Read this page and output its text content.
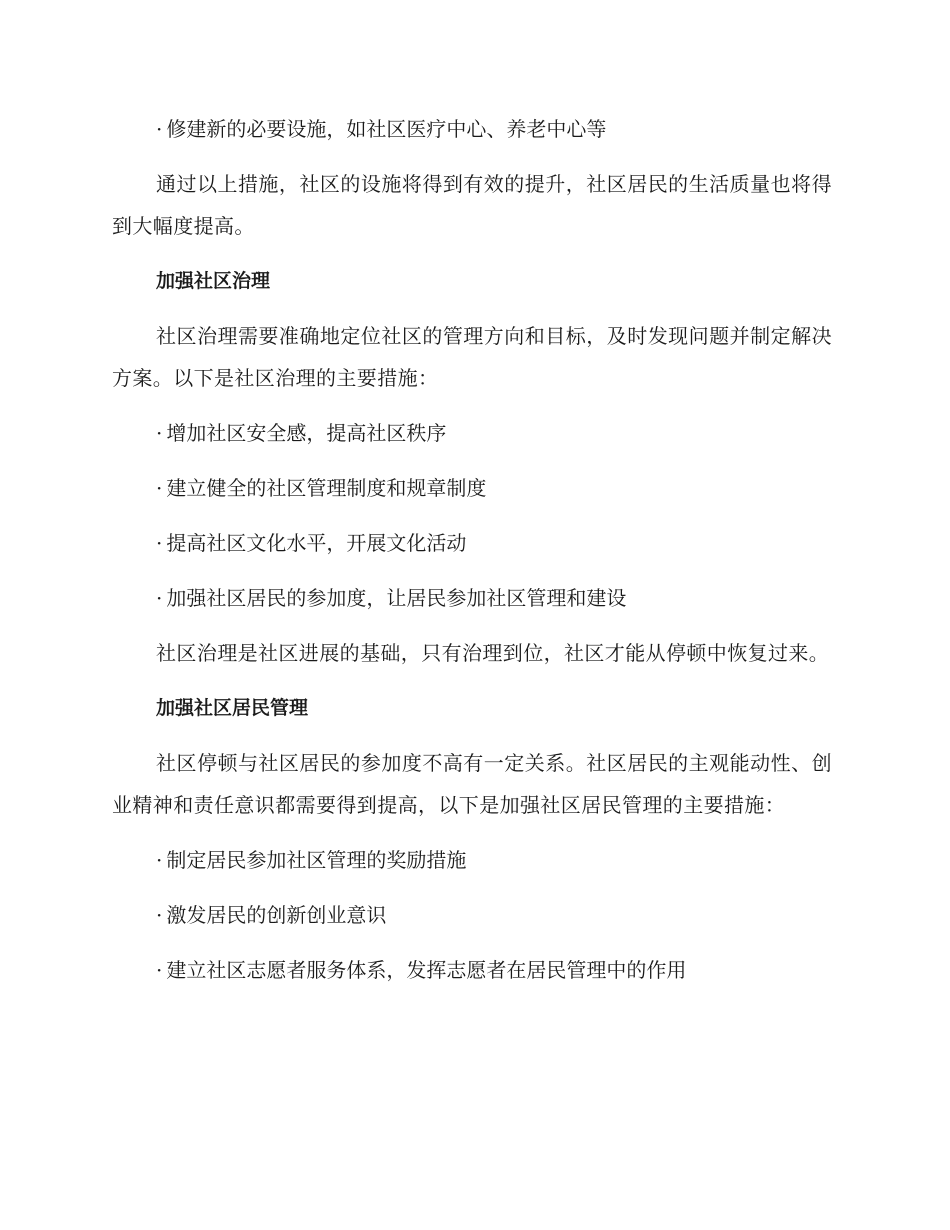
· 修建新的必要设施，如社区医疗中心、养老中心等

通过以上措施，社区的设施将得到有效的提升，社区居民的生活质量也将得到大幅度提高。

加强社区治理

社区治理需要准确地定位社区的管理方向和目标，及时发现问题并制定解决方案。以下是社区治理的主要措施：

· 增加社区安全感，提高社区秩序
· 建立健全的社区管理制度和规章制度
· 提高社区文化水平，开展文化活动
· 加强社区居民的参加度，让居民参加社区管理和建设

社区治理是社区进展的基础，只有治理到位，社区才能从停顿中恢复过来。

加强社区居民管理

社区停顿与社区居民的参加度不高有一定关系。社区居民的主观能动性、创业精神和责任意识都需要得到提高，以下是加强社区居民管理的主要措施：

· 制定居民参加社区管理的奖励措施
· 激发居民的创新创业意识
· 建立社区志愿者服务体系，发挥志愿者在居民管理中的作用
